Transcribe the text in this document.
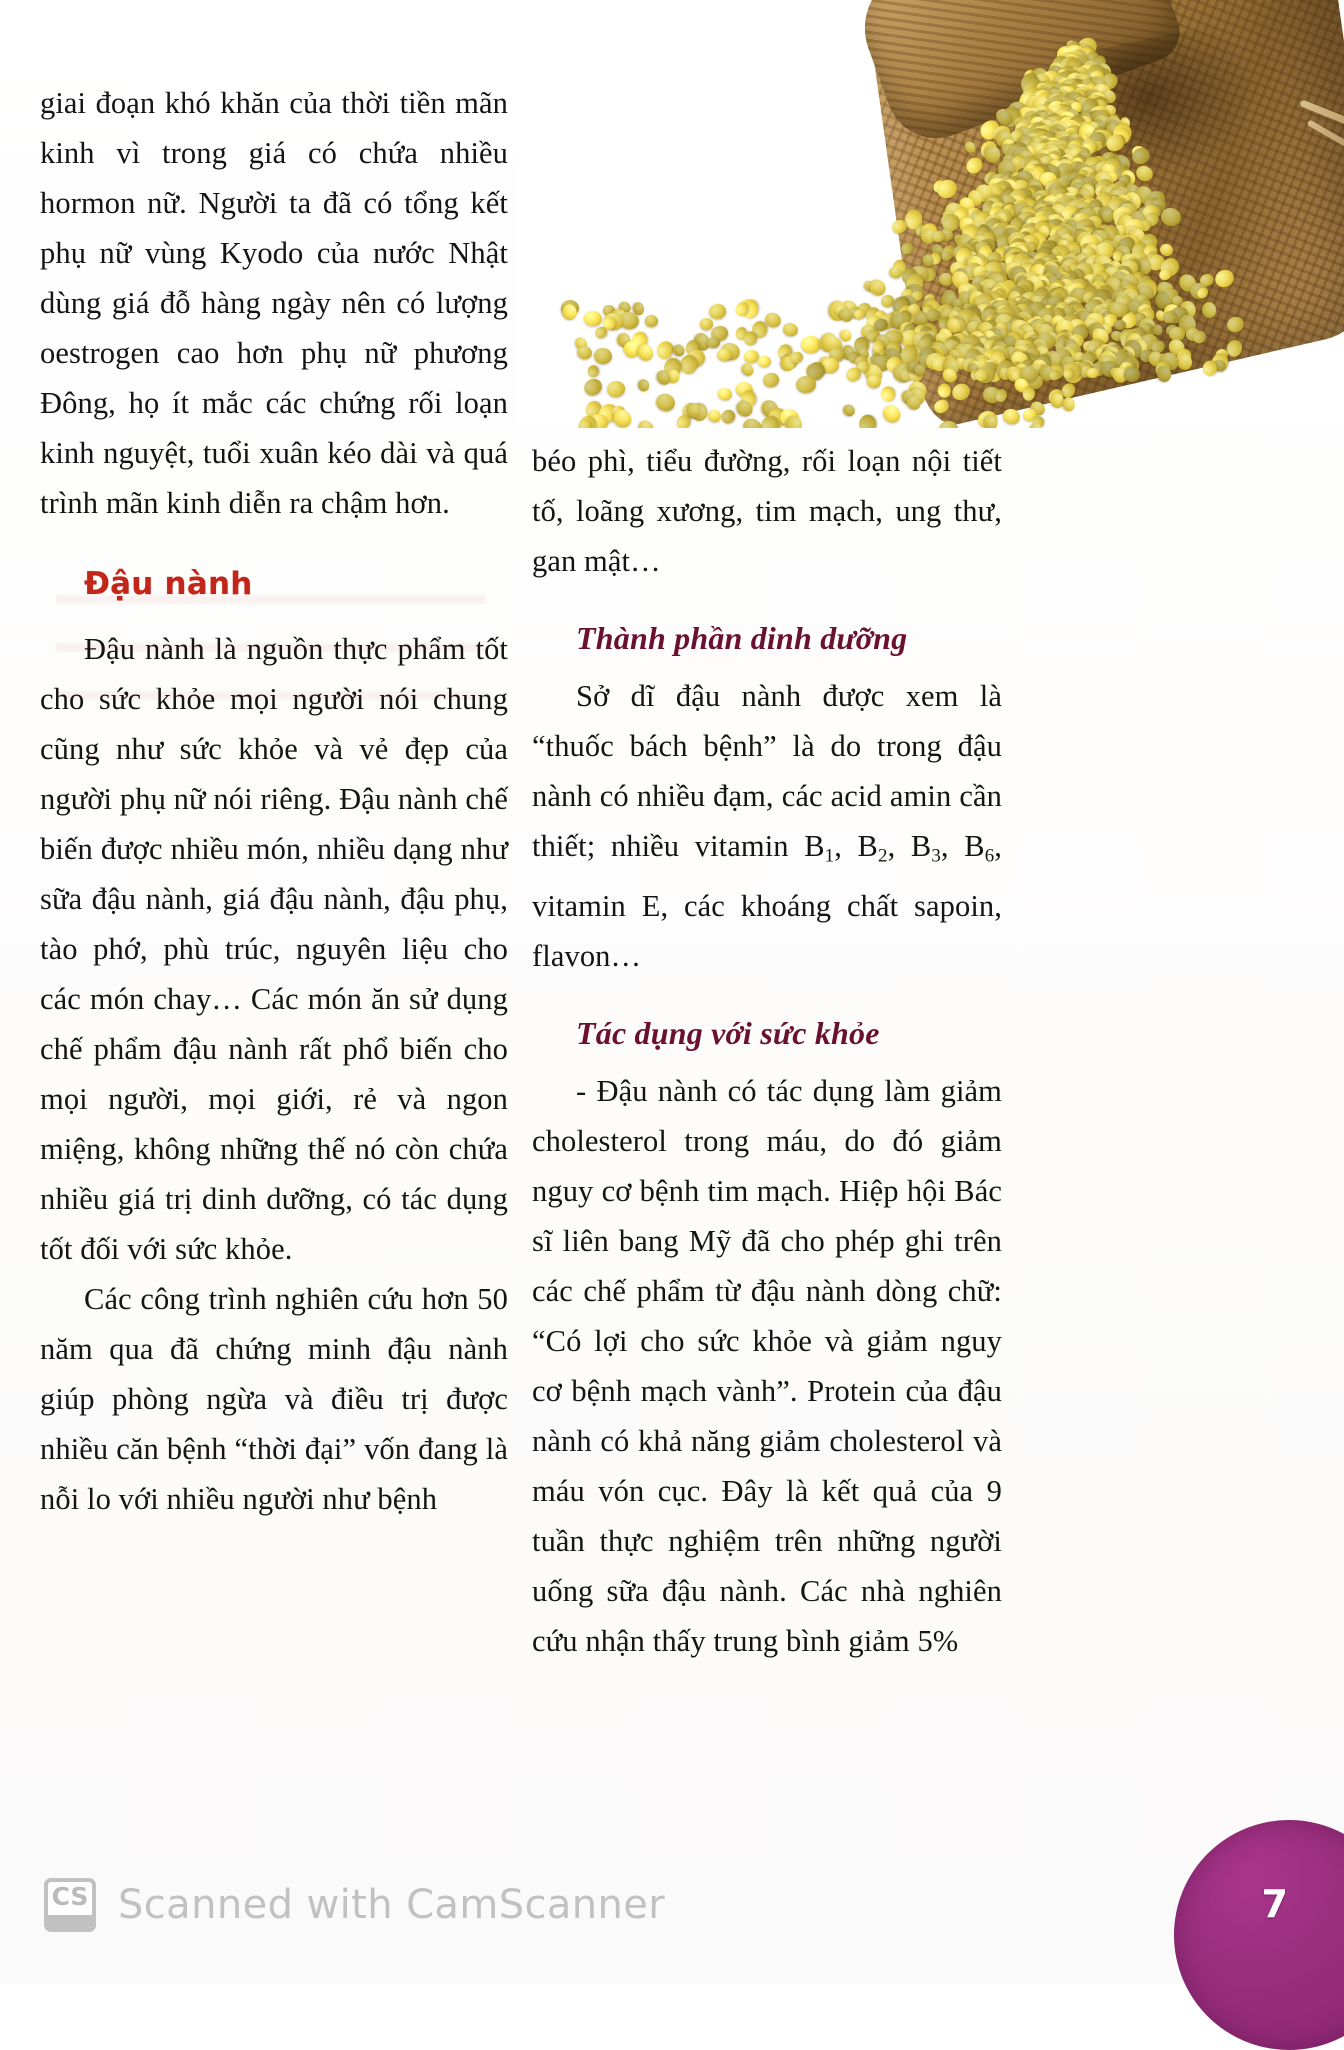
giai đoạn khó khăn của thời tiền mãn kinh vì trong giá có chứa nhiều hormon nữ. Người ta đã có tổng kết phụ nữ vùng Kyodo của nước Nhật dùng giá đỗ hàng ngày nên có lượng oestrogen cao hơn phụ nữ phương Đông, họ ít mắc các chứng rối loạn kinh nguyệt, tuổi xuân kéo dài và quá trình mãn kinh diễn ra chậm hơn.

Đậu nành

Đậu nành là nguồn thực phẩm tốt cho sức khỏe mọi người nói chung cũng như sức khỏe và vẻ đẹp của người phụ nữ nói riêng. Đậu nành chế biến được nhiều món, nhiều dạng như sữa đậu nành, giá đậu nành, đậu phụ, tào phớ, phù trúc, nguyên liệu cho các món chay… Các món ăn sử dụng chế phẩm đậu nành rất phổ biến cho mọi người, mọi giới, rẻ và ngon miệng, không những thế nó còn chứa nhiều giá trị dinh dưỡng, có tác dụng tốt đối với sức khỏe.

Các công trình nghiên cứu hơn 50 năm qua đã chứng minh đậu nành giúp phòng ngừa và điều trị được nhiều căn bệnh “thời đại” vốn đang là nỗi lo với nhiều người như bệnh

béo phì, tiểu đường, rối loạn nội tiết tố, loãng xương, tim mạch, ung thư, gan mật…

Thành phần dinh dưỡng

Sở dĩ đậu nành được xem là “thuốc bách bệnh” là do trong đậu nành có nhiều đạm, các acid amin cần thiết; nhiều vitamin $B_1$, $B_2$, $B_3$, $B_6$, vitamin E, các khoáng chất sapoin, flavon…

Tác dụng với sức khỏe

- Đậu nành có tác dụng làm giảm cholesterol trong máu, do đó giảm nguy cơ bệnh tim mạch. Hiệp hội Bác sĩ liên bang Mỹ đã cho phép ghi trên các chế phẩm từ đậu nành dòng chữ: “Có lợi cho sức khỏe và giảm nguy cơ bệnh mạch vành”. Protein của đậu nành có khả năng giảm cholesterol và máu vón cục. Đây là kết quả của 9 tuần thực nghiệm trên những người uống sữa đậu nành. Các nhà nghiên cứu nhận thấy trung bình giảm 5%

CS Scanned with CamScanner	7
